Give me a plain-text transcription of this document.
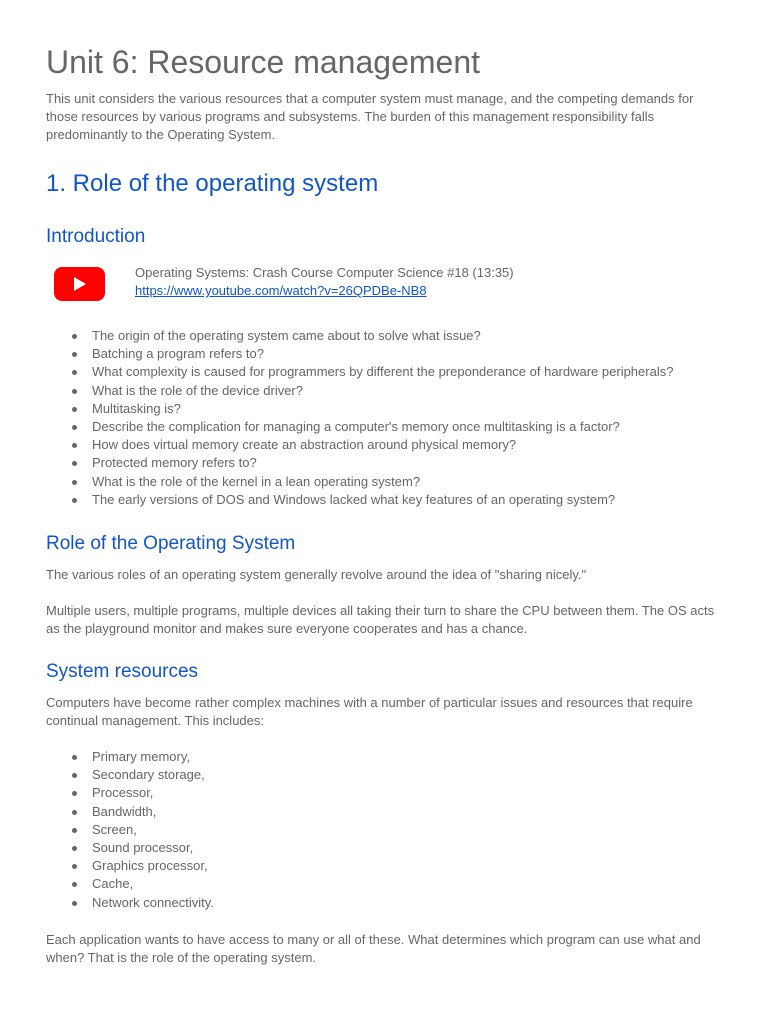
Unit 6: Resource management

This unit considers the various resources that a computer system must manage, and the competing demands for those resources by various programs and subsystems. The burden of this management responsibility falls predominantly to the Operating System.

1. Role of the operating system
Introduction
Operating Systems: Crash Course Computer Science #18 (13:35)
https://www.youtube.com/watch?v=26QPDBe-NB8
The origin of the operating system came about to solve what issue?
Batching a program refers to?
What complexity is caused for programmers by different the preponderance of hardware peripherals?
What is the role of the device driver?
Multitasking is?
Describe the complication for managing a computer's memory once multitasking is a factor?
How does virtual memory create an abstraction around physical memory?
Protected memory refers to?
What is the role of the kernel in a lean operating system?
The early versions of DOS and Windows lacked what key features of an operating system?
Role of the Operating System

The various roles of an operating system generally revolve around the idea of "sharing nicely."

Multiple users, multiple programs, multiple devices all taking their turn to share the CPU between them. The OS acts as the playground monitor and makes sure everyone cooperates and has a chance.

System resources

Computers have become rather complex machines with a number of particular issues and resources that require continual management. This includes:

Primary memory,
Secondary storage,
Processor,
Bandwidth,
Screen,
Sound processor,
Graphics processor,
Cache,
Network connectivity.

Each application wants to have access to many or all of these. What determines which program can use what and when? That is the role of the operating system.
